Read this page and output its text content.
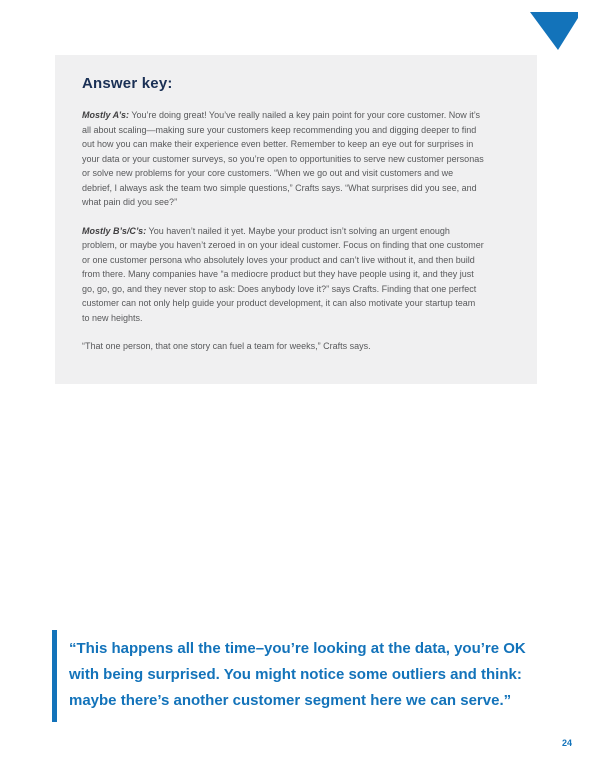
Answer key:

Mostly A’s: You’re doing great! You’ve really nailed a key pain point for your core customer. Now it’s all about scaling—making sure your customers keep recommending you and digging deeper to find out how you can make their experience even better. Remember to keep an eye out for surprises in your data or your customer surveys, so you’re open to opportunities to serve new customer personas or solve new problems for your core customers. “When we go out and visit customers and we debrief, I always ask the team two simple questions,” Crafts says. “What surprises did you see, and what pain did you see?”

Mostly B’s/C’s: You haven’t nailed it yet. Maybe your product isn’t solving an urgent enough problem, or maybe you haven’t zeroed in on your ideal customer. Focus on finding that one customer or one customer persona who absolutely loves your product and can’t live without it, and then build from there. Many companies have “a mediocre product but they have people using it, and they just go, go, go, and they never stop to ask: Does anybody love it?” says Crafts. Finding that one perfect customer can not only help guide your product development, it can also motivate your startup team to new heights.

“That one person, that one story can fuel a team for weeks,” Crafts says.

“This happens all the time–you’re looking at the data, you’re OK with being surprised. You might notice some outliers and think: maybe there’s another customer segment here we can serve.”

24
